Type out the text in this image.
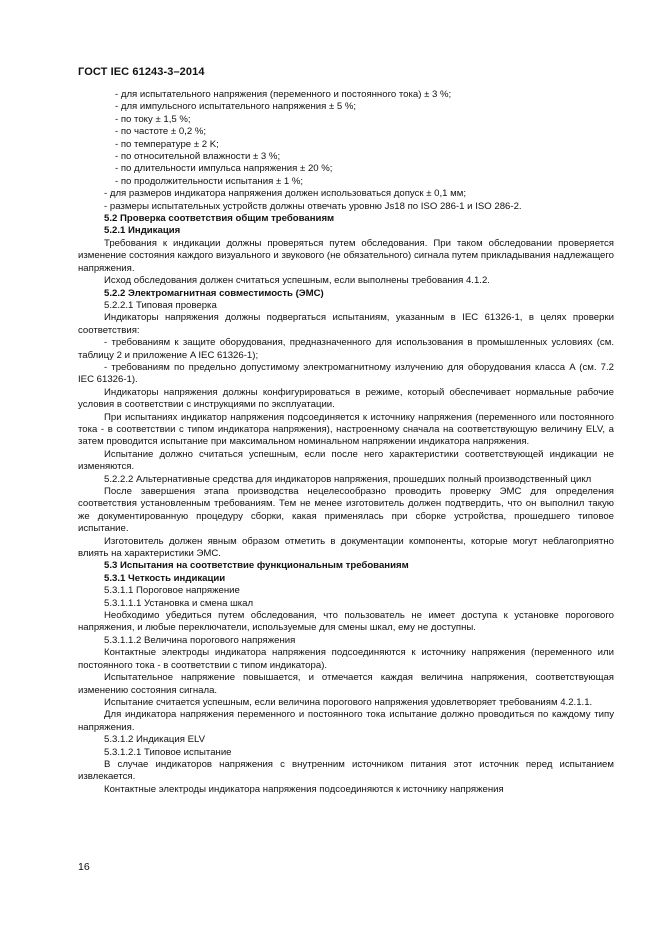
ГОСТ IEC 61243-3–2014

- для испытательного напряжения (переменного и постоянного тока) ± 3 %;

- для импульсного испытательного напряжения ± 5 %;

- по току ± 1,5 %;

- по частоте ± 0,2 %;

- по температуре ± 2 K;

- по относительной влажности ± 3 %;

- по длительности импульса напряжения ± 20 %;

- по продолжительности испытания ± 1 %;

- для размеров индикатора напряжения должен использоваться допуск ± 0,1 мм;

- размеры испытательных устройств должны отвечать уровню Js18 по ISO 286-1 и ISO 286-2.

5.2 Проверка соответствия общим требованиям

5.2.1 Индикация

Требования к индикации должны проверяться путем обследования. При таком обследовании проверяется изменение состояния каждого визуального и звукового (не обязательного) сигнала путем прикладывания надлежащего напряжения.

Исход обследования должен считаться успешным, если выполнены требования 4.1.2.

5.2.2 Электромагнитная совместимость (ЭМС)

5.2.2.1 Типовая проверка

Индикаторы напряжения должны подвергаться испытаниям, указанным в IEC 61326-1, в целях проверки соответствия:

- требованиям к защите оборудования, предназначенного для использования в промышленных условиях (см. таблицу 2 и приложение A IEC 61326-1);

- требованиям по предельно допустимому электромагнитному излучению для оборудования класса A (см. 7.2 IEC 61326-1).

Индикаторы напряжения должны конфигурироваться в режиме, который обеспечивает нормальные рабочие условия в соответствии с инструкциями по эксплуатации.

При испытаниях индикатор напряжения подсоединяется к источнику напряжения (переменного или постоянного тока - в соответствии с типом индикатора напряжения), настроенному сначала на соответствующую величину ELV, а затем проводится испытание при максимальном номинальном напряжении индикатора напряжения.

Испытание должно считаться успешным, если после него характеристики соответствующей индикации не изменяются.

5.2.2.2 Альтернативные средства для индикаторов напряжения, прошедших полный производственный цикл

После завершения этапа производства нецелесообразно проводить проверку ЭМС для определения соответствия установленным требованиям. Тем не менее изготовитель должен подтвердить, что он выполнил такую же документированную процедуру сборки, какая применялась при сборке устройства, прошедшего типовое испытание.

Изготовитель должен явным образом отметить в документации компоненты, которые могут неблагоприятно влиять на характеристики ЭМС.

5.3 Испытания на соответствие функциональным требованиям

5.3.1 Четкость индикации

5.3.1.1 Пороговое напряжение

5.3.1.1.1 Установка и смена шкал

Необходимо убедиться путем обследования, что пользователь не имеет доступа к установке порогового напряжения, и любые переключатели, используемые для смены шкал, ему не доступны.

5.3.1.1.2 Величина порогового напряжения

Контактные электроды индикатора напряжения подсоединяются к источнику напряжения (переменного или постоянного тока - в соответствии с типом индикатора).

Испытательное напряжение повышается, и отмечается каждая величина напряжения, соответствующая изменению состояния сигнала.

Испытание считается успешным, если величина порогового напряжения удовлетворяет требованиям 4.2.1.1.

Для индикатора напряжения переменного и постоянного тока испытание должно проводиться по каждому типу напряжения.

5.3.1.2 Индикация ELV

5.3.1.2.1 Типовое испытание

В случае индикаторов напряжения с внутренним источником питания этот источник перед испытанием извлекается.

Контактные электроды индикатора напряжения подсоединяются к источнику напряжения

16
